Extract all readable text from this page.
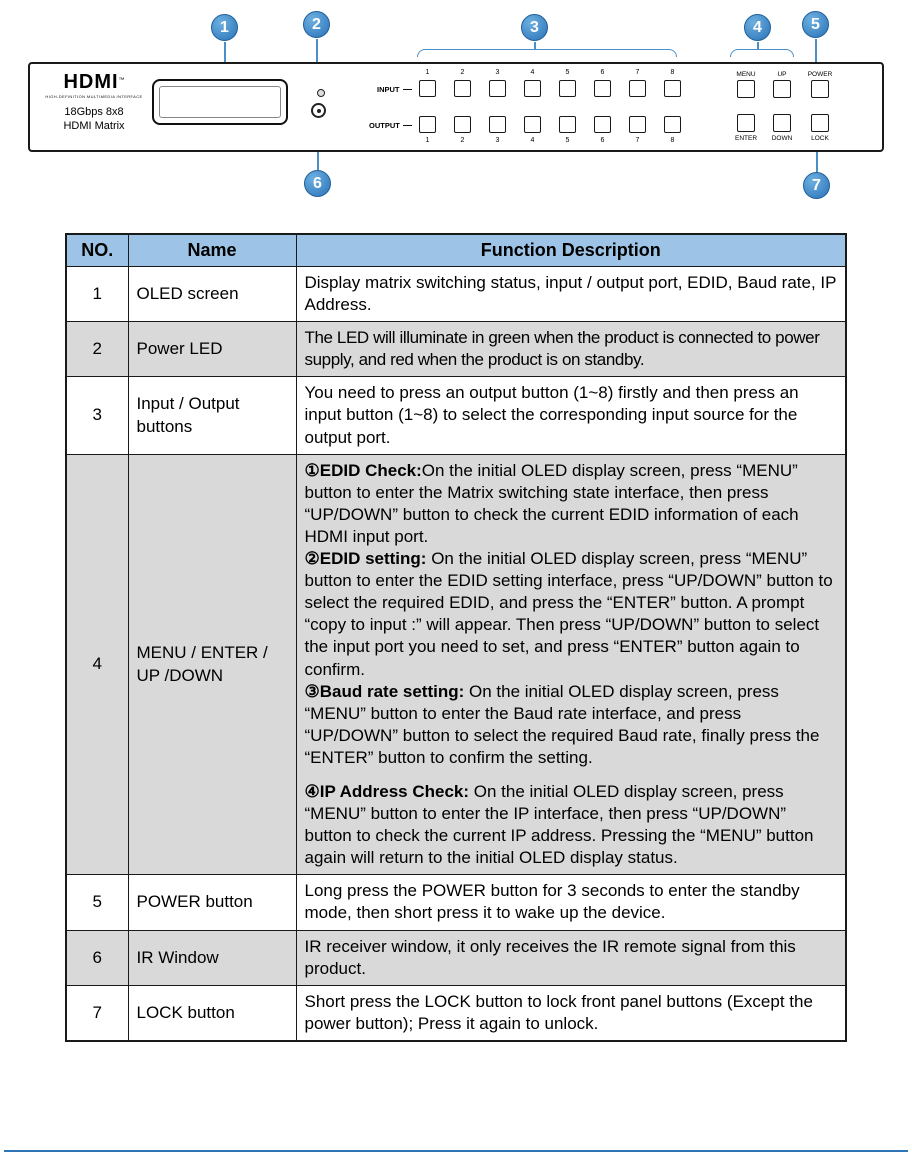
1	2	3	4	5
6	7
HDMI™
HIGH-DEFINITION MULTIMEDIA INTERFACE
18Gbps 8x8
HDMI Matrix
INPUT
OUTPUT
1	2	3	4	5	6	7	8
1	2	3	4	5	6	7	8
MENU	UP	POWER
ENTER	DOWN	LOCK
NO.	Name	Function Description
1	OLED screen	Display matrix switching status, input / output port, EDID, Baud rate, IP Address.
2	Power LED	The LED will illuminate in green when the product is connected to power supply, and red when the product is on standby.
3	Input / Output buttons	You need to press an output button (1~8) firstly and then press an input button (1~8) to select the corresponding input source for the output port.
4	MENU / ENTER / UP /DOWN	①EDID Check:On the initial OLED display screen, press “MENU” button to enter the Matrix switching state interface, then press “UP/DOWN” button to check the current EDID information of each HDMI input port.

②EDID setting: On the initial OLED display screen, press “MENU” button to enter the EDID setting interface, press “UP/DOWN” button to select the required EDID, and press the “ENTER” button. A prompt “copy to input :” will appear. Then press “UP/DOWN” button to select the input port you need to set, and press “ENTER” button again to confirm.

③Baud rate setting: On the initial OLED display screen, press “MENU” button to enter the Baud rate interface, and press “UP/DOWN” button to select the required Baud rate, finally press the “ENTER” button to confirm the setting.

④IP Address Check: On the initial OLED display screen, press “MENU” button to enter the IP interface, then press “UP/DOWN” button to check the current IP address. Pressing the “MENU” button again will return to the initial OLED display status.

5	POWER button	Long press the POWER button for 3 seconds to enter the standby mode, then short press it to wake up the device.
6	IR Window	IR receiver window, it only receives the IR remote signal from this product.
7	LOCK button	Short press the LOCK button to lock front panel buttons (Except the power button); Press it again to unlock.
